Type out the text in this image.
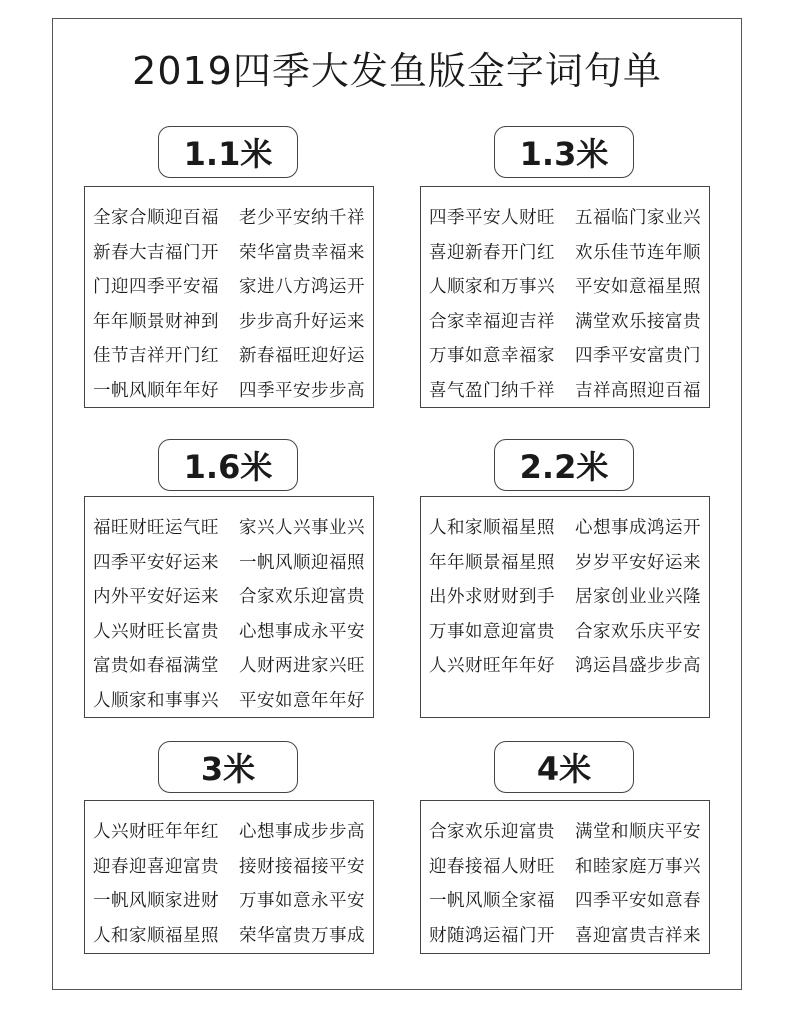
2019四季大发鱼版金字词句单
1.1米
全家合顺迎百福
新春大吉福门开
门迎四季平安福
年年顺景财神到
佳节吉祥开门红
一帆风顺年年好
老少平安纳千祥
荣华富贵幸福来
家进八方鸿运开
步步高升好运来
新春福旺迎好运
四季平安步步高
1.3米
四季平安人财旺
喜迎新春开门红
人顺家和万事兴
合家幸福迎吉祥
万事如意幸福家
喜气盈门纳千祥
五福临门家业兴
欢乐佳节连年顺
平安如意福星照
满堂欢乐接富贵
四季平安富贵门
吉祥高照迎百福
1.6米
福旺财旺运气旺
四季平安好运来
内外平安好运来
人兴财旺长富贵
富贵如春福满堂
人顺家和事事兴
家兴人兴事业兴
一帆风顺迎福照
合家欢乐迎富贵
心想事成永平安
人财两进家兴旺
平安如意年年好
2.2米
人和家顺福星照
年年顺景福星照
出外求财财到手
万事如意迎富贵
人兴财旺年年好
心想事成鸿运开
岁岁平安好运来
居家创业业兴隆
合家欢乐庆平安
鸿运昌盛步步高
3米
人兴财旺年年红
迎春迎喜迎富贵
一帆风顺家进财
人和家顺福星照
心想事成步步高
接财接福接平安
万事如意永平安
荣华富贵万事成
4米
合家欢乐迎富贵
迎春接福人财旺
一帆风顺全家福
财随鸿运福门开
满堂和顺庆平安
和睦家庭万事兴
四季平安如意春
喜迎富贵吉祥来
